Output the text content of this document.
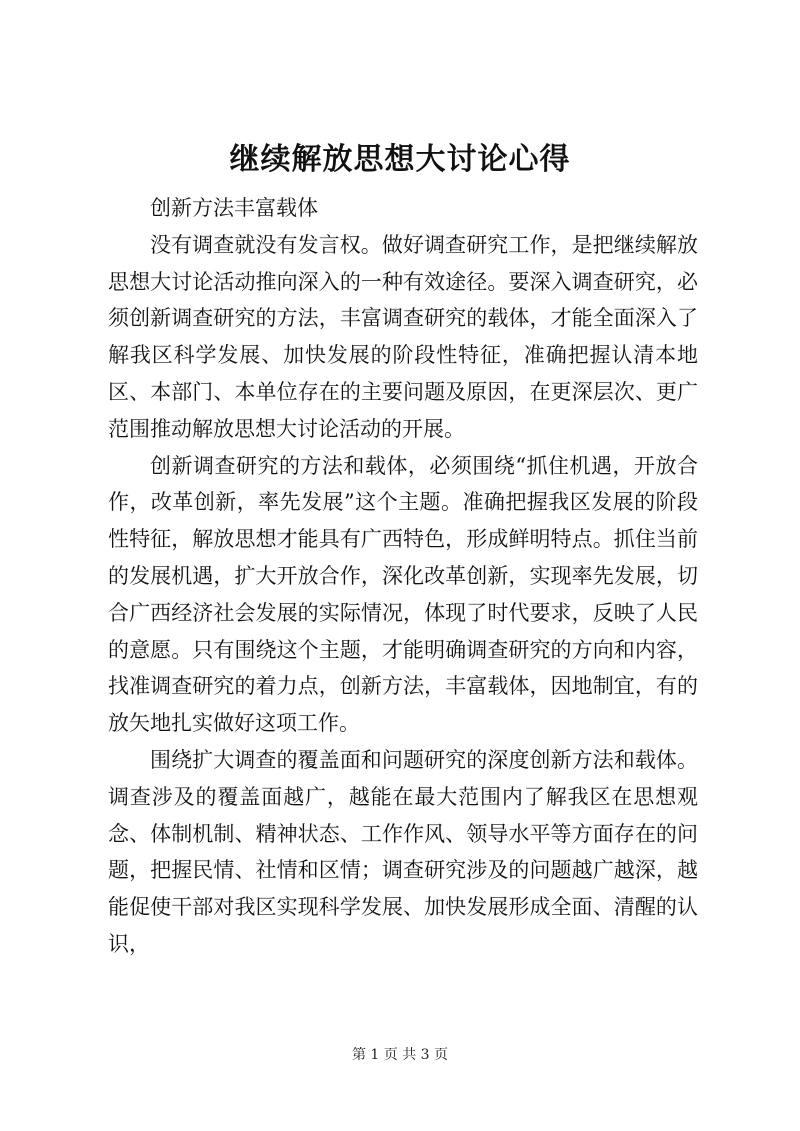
继续解放思想大讨论心得

创新方法丰富载体

没有调查就没有发言权。做好调查研究工作，是把继续解放思想大讨论活动推向深入的一种有效途径。要深入调查研究，必须创新调查研究的方法，丰富调查研究的载体，才能全面深入了解我区科学发展、加快发展的阶段性特征，准确把握认清本地区、本部门、本单位存在的主要问题及原因，在更深层次、更广范围推动解放思想大讨论活动的开展。

创新调查研究的方法和载体，必须围绕“抓住机遇，开放合作，改革创新，率先发展”这个主题。准确把握我区发展的阶段性特征，解放思想才能具有广西特色，形成鲜明特点。抓住当前的发展机遇，扩大开放合作，深化改革创新，实现率先发展，切合广西经济社会发展的实际情况，体现了时代要求，反映了人民的意愿。只有围绕这个主题，才能明确调查研究的方向和内容，找准调查研究的着力点，创新方法，丰富载体，因地制宜，有的放矢地扎实做好这项工作。

围绕扩大调查的覆盖面和问题研究的深度创新方法和载体。调查涉及的覆盖面越广，越能在最大范围内了解我区在思想观念、体制机制、精神状态、工作作风、领导水平等方面存在的问题，把握民情、社情和区情；调查研究涉及的问题越广越深，越能促使干部对我区实现科学发展、加快发展形成全面、清醒的认识，

第 1 页 共 3 页
